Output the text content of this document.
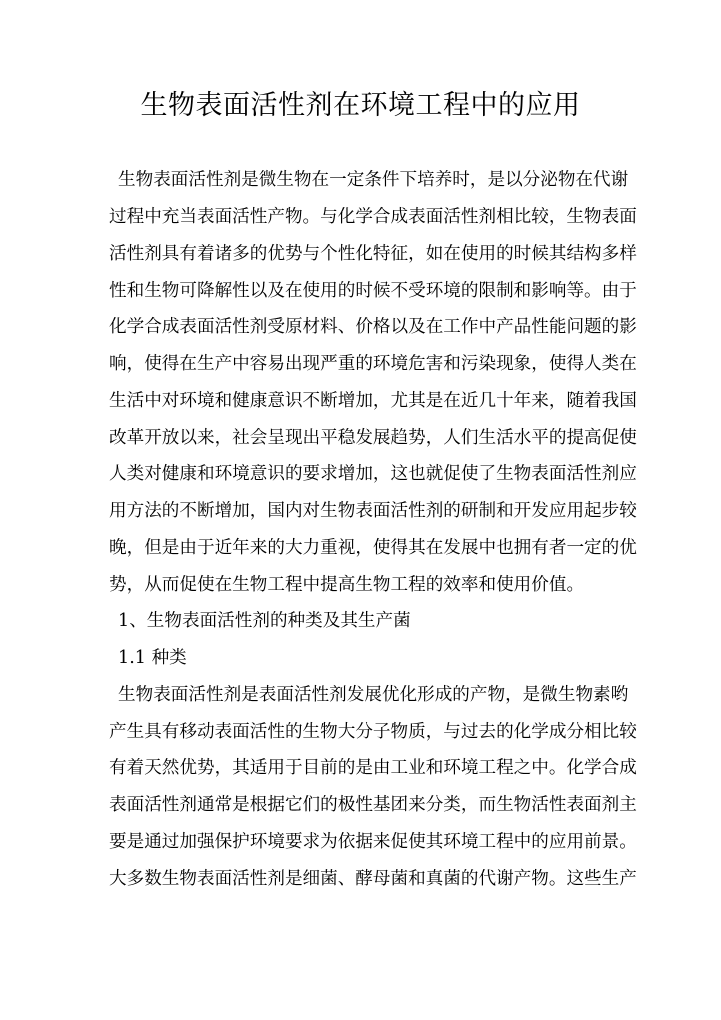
生物表面活性剂在环境工程中的应用
生物表面活性剂是微生物在一定条件下培养时，是以分泌物在代谢
过程中充当表面活性产物。与化学合成表面活性剂相比较，生物表面
活性剂具有着诸多的优势与个性化特征，如在使用的时候其结构多样
性和生物可降解性以及在使用的时候不受环境的限制和影响等。由于
化学合成表面活性剂受原材料、价格以及在工作中产品性能问题的影
响，使得在生产中容易出现严重的环境危害和污染现象，使得人类在
生活中对环境和健康意识不断增加，尤其是在近几十年来，随着我国
改革开放以来，社会呈现出平稳发展趋势，人们生活水平的提高促使
人类对健康和环境意识的要求增加，这也就促使了生物表面活性剂应
用方法的不断增加，国内对生物表面活性剂的研制和开发应用起步较
晚，但是由于近年来的大力重视，使得其在发展中也拥有者一定的优
势，从而促使在生物工程中提高生物工程的效率和使用价值。
1、生物表面活性剂的种类及其生产菌
1.1 种类
生物表面活性剂是表面活性剂发展优化形成的产物，是微生物素哟
产生具有移动表面活性的生物大分子物质，与过去的化学成分相比较
有着天然优势，其适用于目前的是由工业和环境工程之中。化学合成
表面活性剂通常是根据它们的极性基团来分类，而生物活性表面剂主
要是通过加强保护环境要求为依据来促使其环境工程中的应用前景。
大多数生物表面活性剂是细菌、酵母菌和真菌的代谢产物。这些生产
